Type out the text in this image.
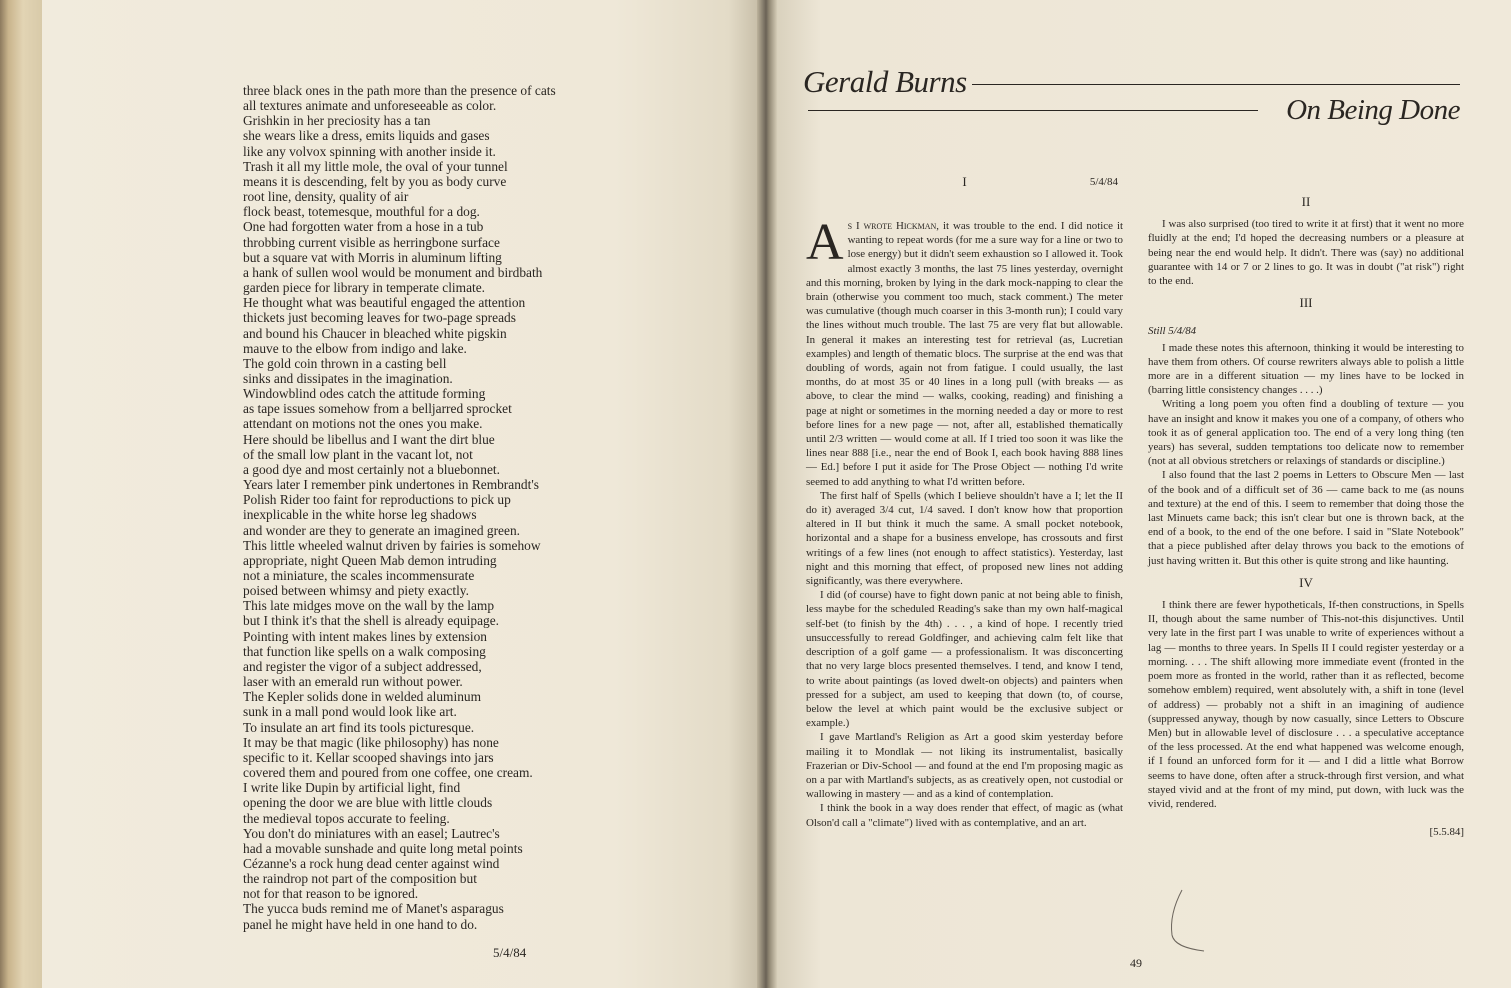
three black ones in the path more than the presence of cats
all textures animate and unforeseeable as color.
Grishkin in her preciosity has a tan
she wears like a dress, emits liquids and gases
like any volvox spinning with another inside it.
Trash it all my little mole, the oval of your tunnel
means it is descending, felt by you as body curve
root line, density, quality of air
flock beast, totemesque, mouthful for a dog.
One had forgotten water from a hose in a tub
throbbing current visible as herringbone surface
but a square vat with Morris in aluminum lifting
a hank of sullen wool would be monument and birdbath
garden piece for library in temperate climate.
He thought what was beautiful engaged the attention
thickets just becoming leaves for two-page spreads
and bound his Chaucer in bleached white pigskin
mauve to the elbow from indigo and lake.
The gold coin thrown in a casting bell
sinks and dissipates in the imagination.
Windowblind odes catch the attitude forming
as tape issues somehow from a belljarred sprocket
attendant on motions not the ones you make.
Here should be libellus and I want the dirt blue
of the small low plant in the vacant lot, not
a good dye and most certainly not a bluebonnet.
Years later I remember pink undertones in Rembrandt's
Polish Rider too faint for reproductions to pick up
inexplicable in the white horse leg shadows
and wonder are they to generate an imagined green.
This little wheeled walnut driven by fairies is somehow
appropriate, night Queen Mab demon intruding
not a miniature, the scales incommensurate
poised between whimsy and piety exactly.
This late midges move on the wall by the lamp
but I think it's that the shell is already equipage.
Pointing with intent makes lines by extension
that function like spells on a walk composing
and register the vigor of a subject addressed,
laser with an emerald run without power.
The Kepler solids done in welded aluminum
sunk in a mall pond would look like art.
To insulate an art find its tools picturesque.
It may be that magic (like philosophy) has none
specific to it. Kellar scooped shavings into jars
covered them and poured from one coffee, one cream.
I write like Dupin by artificial light, find
opening the door we are blue with little clouds
the medieval topos accurate to feeling.
You don't do miniatures with an easel; Lautrec's
had a movable sunshade and quite long metal points
Cézanne's a rock hung dead center against wind
the raindrop not part of the composition but
not for that reason to be ignored.
The yucca buds remind me of Manet's asparagus
panel he might have held in one hand to do.
5/4/84
Gerald Burns
On Being Done
I	5/4/84

As I wrote Hickman, it was trouble to the end. I did notice it wanting to repeat words (for me a sure way for a line or two to lose energy) but it didn't seem exhaustion so I allowed it. Took almost exactly 3 months, the last 75 lines yesterday, overnight and this morning, broken by lying in the dark mock-napping to clear the brain (otherwise you comment too much, stack comment.) The meter was cumulative (though much coarser in this 3-month run); I could vary the lines without much trouble. The last 75 are very flat but allowable. In general it makes an interesting test for retrieval (as, Lucretian examples) and length of thematic blocs. The surprise at the end was that doubling of words, again not from fatigue. I could usually, the last months, do at most 35 or 40 lines in a long pull (with breaks — as above, to clear the mind — walks, cooking, reading) and finishing a page at night or sometimes in the morning needed a day or more to rest before lines for a new page — not, after all, established thematically until 2/3 written — would come at all. If I tried too soon it was like the lines near 888 [i.e., near the end of Book I, each book having 888 lines — Ed.] before I put it aside for The Prose Object — nothing I'd write seemed to add anything to what I'd written before.

The first half of Spells (which I believe shouldn't have a I; let the II do it) averaged 3/4 cut, 1/4 saved. I don't know how that proportion altered in II but think it much the same. A small pocket notebook, horizontal and a shape for a business envelope, has crossouts and first writings of a few lines (not enough to affect statistics). Yesterday, last night and this morning that effect, of proposed new lines not adding significantly, was there everywhere.

I did (of course) have to fight down panic at not being able to finish, less maybe for the scheduled Reading's sake than my own half-magical self-bet (to finish by the 4th) . . . , a kind of hope. I recently tried unsuccessfully to reread Goldfinger, and achieving calm felt like that description of a golf game — a professionalism. It was disconcerting that no very large blocs presented themselves. I tend, and know I tend, to write about paintings (as loved dwelt-on objects) and painters when pressed for a subject, am used to keeping that down (to, of course, below the level at which paint would be the exclusive subject or example.)

I gave Martland's Religion as Art a good skim yesterday before mailing it to Mondlak — not liking its instrumentalist, basically Frazerian or Div-School — and found at the end I'm proposing magic as on a par with Martland's subjects, as as creatively open, not custodial or wallowing in mastery — and as a kind of contemplation.

I think the book in a way does render that effect, of magic as (what Olson'd call a "climate") lived with as contemplative, and an art.

II

I was also surprised (too tired to write it at first) that it went no more fluidly at the end; I'd hoped the decreasing numbers or a pleasure at being near the end would help. It didn't. There was (say) no additional guarantee with 14 or 7 or 2 lines to go. It was in doubt ("at risk") right to the end.

III
Still 5/4/84

I made these notes this afternoon, thinking it would be interesting to have them from others. Of course rewriters always able to polish a little more are in a different situation — my lines have to be locked in (barring little consistency changes . . . .)

Writing a long poem you often find a doubling of texture — you have an insight and know it makes you one of a company, of others who took it as of general application too. The end of a very long thing (ten years) has several, sudden temptations too delicate now to remember (not at all obvious stretchers or relaxings of standards or discipline.)

I also found that the last 2 poems in Letters to Obscure Men — last of the book and of a difficult set of 36 — came back to me (as nouns and texture) at the end of this. I seem to remember that doing those the last Minuets came back; this isn't clear but one is thrown back, at the end of a book, to the end of the one before. I said in "Slate Notebook" that a piece published after delay throws you back to the emotions of just having written it. But this other is quite strong and like haunting.

IV

I think there are fewer hypotheticals, If-then constructions, in Spells II, though about the same number of This-not-this disjunctives. Until very late in the first part I was unable to write of experiences without a lag — months to three years. In Spells II I could register yesterday or a morning. . . . The shift allowing more immediate event (fronted in the poem more as fronted in the world, rather than it as reflected, become somehow emblem) required, went absolutely with, a shift in tone (level of address) — probably not a shift in an imagining of audience (suppressed anyway, though by now casually, since Letters to Obscure Men) but in allowable level of disclosure . . . a speculative acceptance of the less processed. At the end what happened was welcome enough, if I found an unforced form for it — and I did a little what Borrow seems to have done, often after a struck-through first version, and what stayed vivid and at the front of my mind, put down, with luck was the vivid, rendered.

[5.5.84]
49
